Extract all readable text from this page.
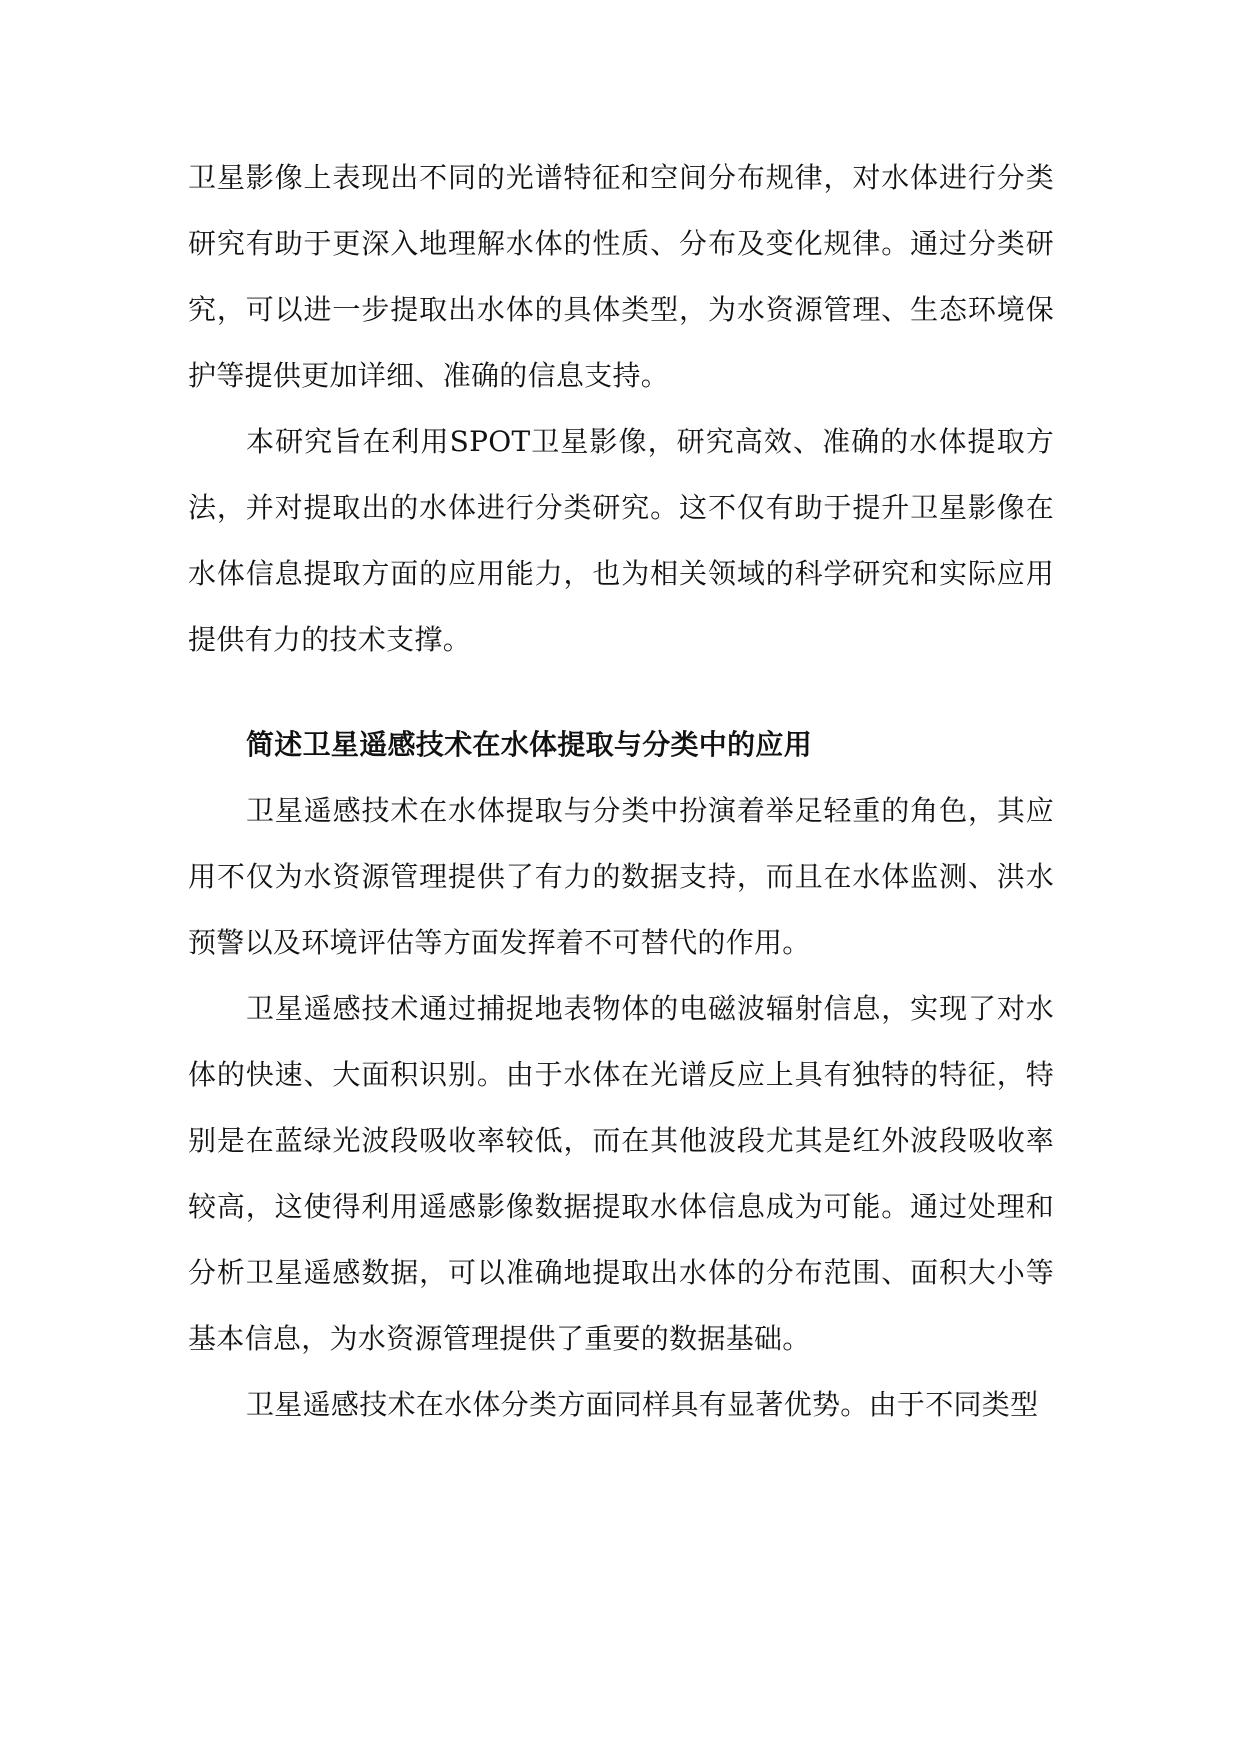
卫星影像上表现出不同的光谱特征和空间分布规律，对水体进行分类研究有助于更深入地理解水体的性质、分布及变化规律。通过分类研究，可以进一步提取出水体的具体类型，为水资源管理、生态环境保护等提供更加详细、准确的信息支持。

本研究旨在利用SPOT卫星影像，研究高效、准确的水体提取方法，并对提取出的水体进行分类研究。这不仅有助于提升卫星影像在水体信息提取方面的应用能力，也为相关领域的科学研究和实际应用提供有力的技术支撑。

简述卫星遥感技术在水体提取与分类中的应用

卫星遥感技术在水体提取与分类中扮演着举足轻重的角色，其应用不仅为水资源管理提供了有力的数据支持，而且在水体监测、洪水预警以及环境评估等方面发挥着不可替代的作用。

卫星遥感技术通过捕捉地表物体的电磁波辐射信息，实现了对水体的快速、大面积识别。由于水体在光谱反应上具有独特的特征，特别是在蓝绿光波段吸收率较低，而在其他波段尤其是红外波段吸收率较高，这使得利用遥感影像数据提取水体信息成为可能。通过处理和分析卫星遥感数据，可以准确地提取出水体的分布范围、面积大小等基本信息，为水资源管理提供了重要的数据基础。

卫星遥感技术在水体分类方面同样具有显著优势。由于不同类型
